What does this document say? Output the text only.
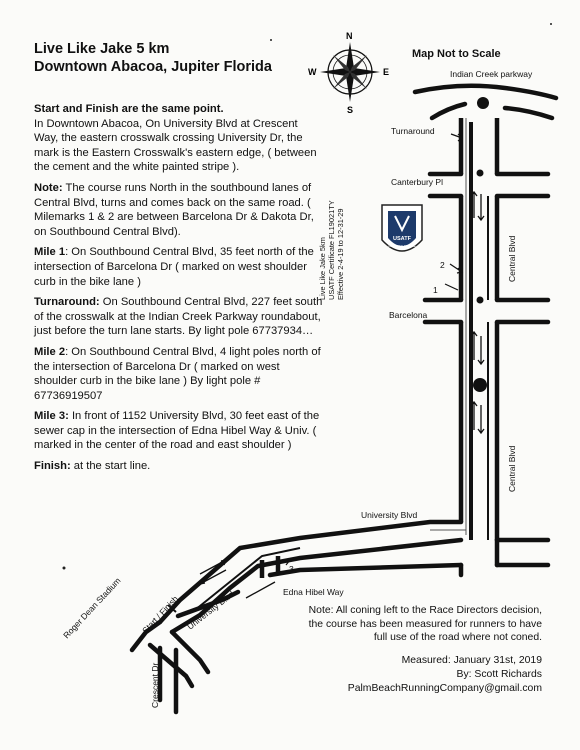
Live Like Jake 5 km
Downtown Abacoa, Jupiter Florida

Start and Finish are the same point.
In Downtown Abacoa, On University Blvd at Crescent Way, the eastern crosswalk crossing University Dr, the mark is the Eastern Crosswalk's eastern edge, ( between the cement and the white painted stripe ).

Note: The course runs North in the southbound lanes of Central Blvd, turns and comes back on the same road. ( Milemarks 1 & 2 are between Barcelona Dr & Dakota Dr, on Southbound Central Blvd).

Mile 1: On Southbound Central Blvd, 35 feet north of the intersection of Barcelona Dr ( marked on west shoulder curb in the bike lane )

Turnaround: On Southbound Central Blvd, 227 feet south of the crosswalk at the Indian Creek Parkway roundabout, just before the turn lane starts. By light pole 67737934…

Mile 2: On Southbound Central Blvd, 4 light poles north of the intersection of Barcelona Dr ( marked on west shoulder curb in the bike lane ) By light pole # 67736919507

Mile 3: In front of 1152 University Blvd, 30 feet east of the sewer cap in the intersection of Edna Hibel Way & Univ. ( marked in the center of the road and east shoulder )

Finish: at the start line.

Map Not to Scale
Live Like Jake 5km USATF Certificate FL19021TY Effective 2-4-19 to 12-31-29
N
S
W	E
USATF
CERTIFIED COURSE
Indian Creek parkway
Turnaround
Canterbury Pl
Barcelona
1
2
3
University Blvd
Edna Hibel Way
Central Blvd
Central Blvd
Roger Dean Stadium Start / Finish University Blbd
Crescent Dr
Note: All coning left to the Race Directors decision, the course has been measured for runners to have full use of the road where not coned.
Measured: January 31st, 2019
By: Scott Richards
PalmBeachRunningCompany@gmail.com
